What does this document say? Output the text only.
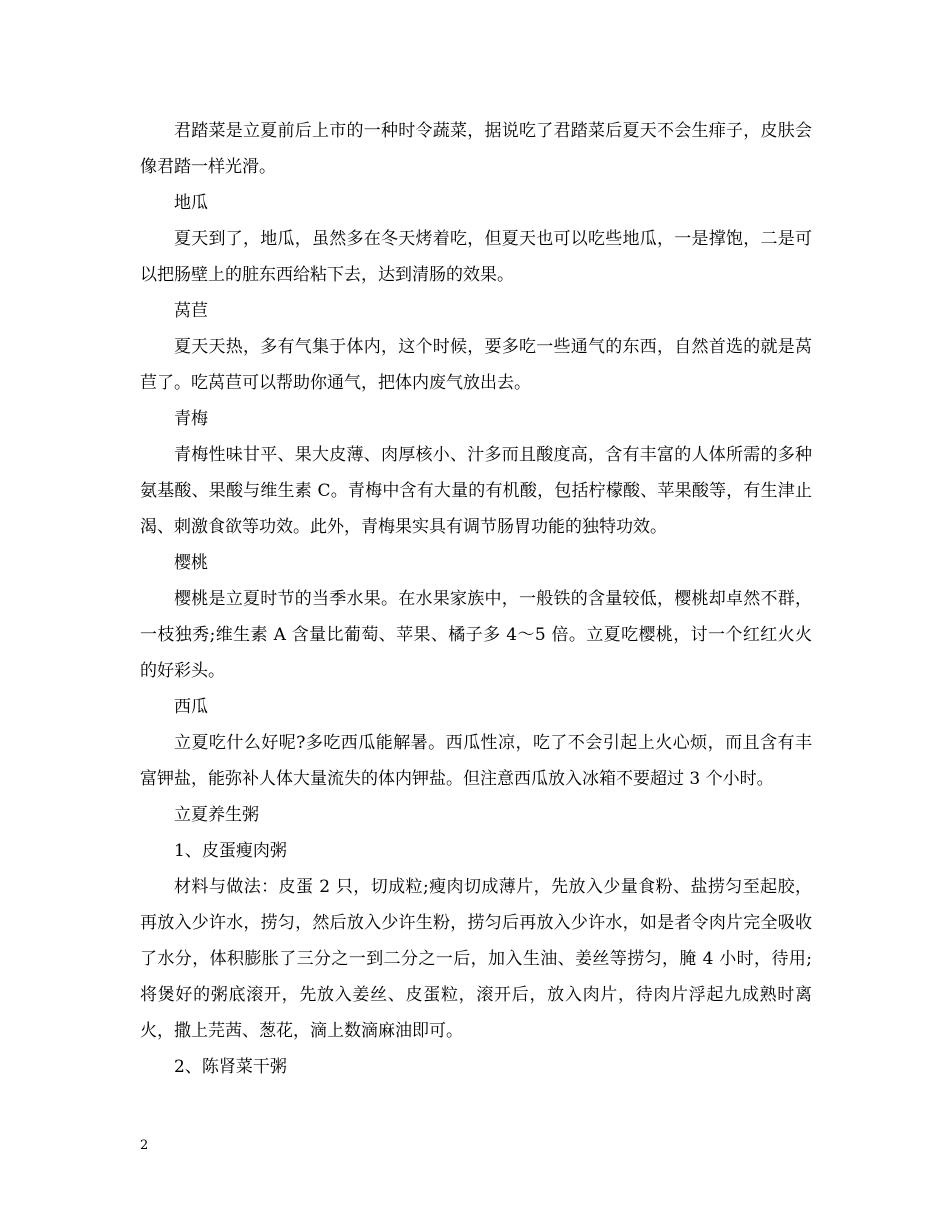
君踏菜是立夏前后上市的一种时令蔬菜，据说吃了君踏菜后夏天不会生痱子，皮肤会像君踏一样光滑。

地瓜

夏天到了，地瓜，虽然多在冬天烤着吃，但夏天也可以吃些地瓜，一是撑饱，二是可以把肠壁上的脏东西给粘下去，达到清肠的效果。

莴苣

夏天天热，多有气集于体内，这个时候，要多吃一些通气的东西，自然首选的就是莴苣了。吃莴苣可以帮助你通气，把体内废气放出去。

青梅

青梅性味甘平、果大皮薄、肉厚核小、汁多而且酸度高，含有丰富的人体所需的多种氨基酸、果酸与维生素 C。青梅中含有大量的有机酸，包括柠檬酸、苹果酸等，有生津止渴、刺激食欲等功效。此外，青梅果实具有调节肠胃功能的独特功效。

樱桃

樱桃是立夏时节的当季水果。在水果家族中，一般铁的含量较低，樱桃却卓然不群，一枝独秀;维生素 A 含量比葡萄、苹果、橘子多 4～5 倍。立夏吃樱桃，讨一个红红火火的好彩头。

西瓜

立夏吃什么好呢?多吃西瓜能解暑。西瓜性凉，吃了不会引起上火心烦，而且含有丰富钾盐，能弥补人体大量流失的体内钾盐。但注意西瓜放入冰箱不要超过 3 个小时。

立夏养生粥

1、皮蛋瘦肉粥

材料与做法：皮蛋 2 只，切成粒;瘦肉切成薄片，先放入少量食粉、盐捞匀至起胶，再放入少许水，捞匀，然后放入少许生粉，捞匀后再放入少许水，如是者令肉片完全吸收了水分，体积膨胀了三分之一到二分之一后，加入生油、姜丝等捞匀，腌 4 小时，待用;将煲好的粥底滚开，先放入姜丝、皮蛋粒，滚开后，放入肉片，待肉片浮起九成熟时离火，撒上芫茜、葱花，滴上数滴麻油即可。

2、陈肾菜干粥

2
